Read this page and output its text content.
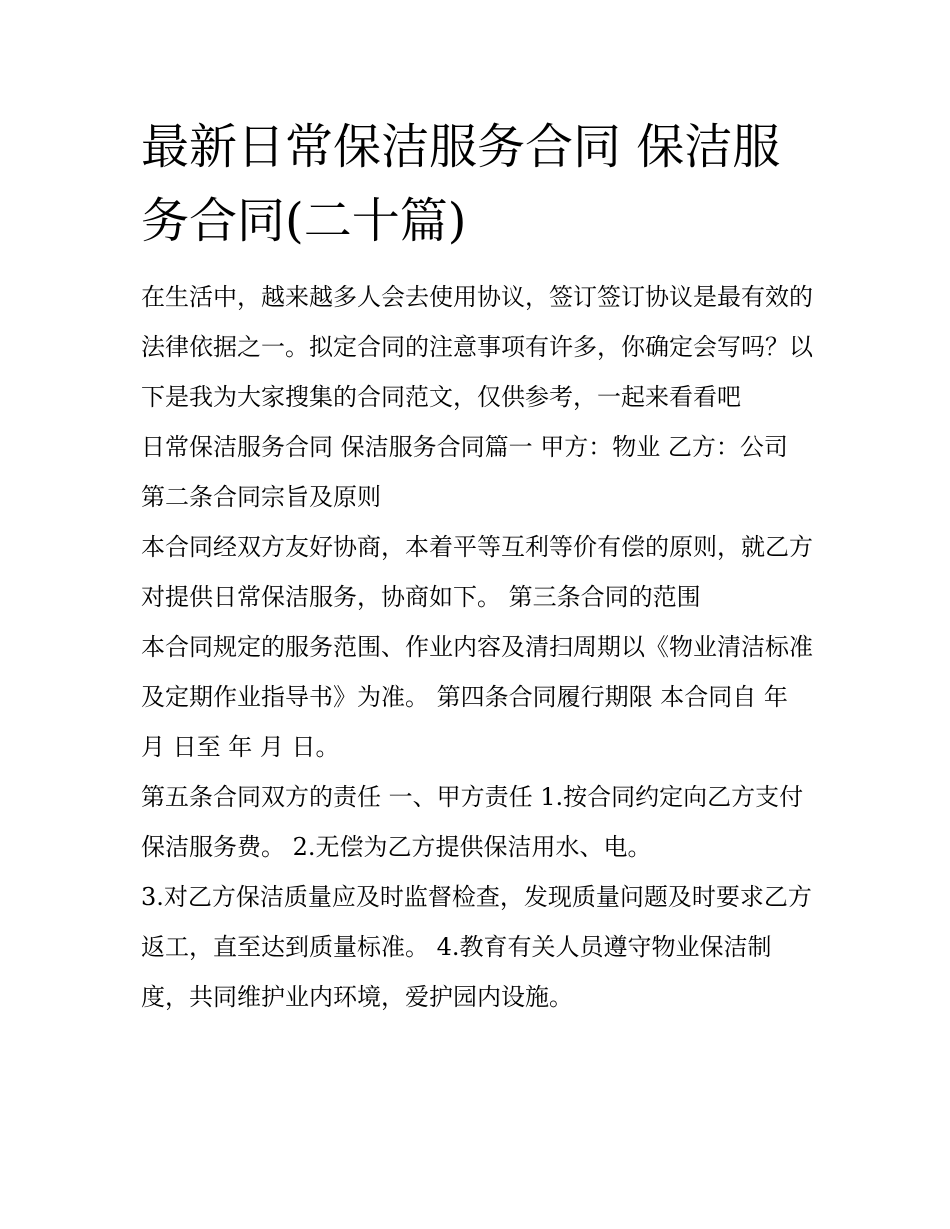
最新日常保洁服务合同 保洁服务合同(二十篇)

在生活中，越来越多人会去使用协议，签订签订协议是最有效的法律依据之一。拟定合同的注意事项有许多，你确定会写吗？以下是我为大家搜集的合同范文，仅供参考，一起来看看吧

日常保洁服务合同 保洁服务合同篇一 甲方：物业 乙方：公司

第二条合同宗旨及原则

本合同经双方友好协商，本着平等互利等价有偿的原则，就乙方对提供日常保洁服务，协商如下。 第三条合同的范围

本合同规定的服务范围、作业内容及清扫周期以《物业清洁标准及定期作业指导书》为准。 第四条合同履行期限 本合同自 年 月 日至 年 月 日。

第五条合同双方的责任 一、甲方责任 1.按合同约定向乙方支付保洁服务费。 2.无偿为乙方提供保洁用水、电。

3.对乙方保洁质量应及时监督检查，发现质量问题及时要求乙方返工，直至达到质量标准。 4.教育有关人员遵守物业保洁制度，共同维护业内环境，爱护园内设施。
